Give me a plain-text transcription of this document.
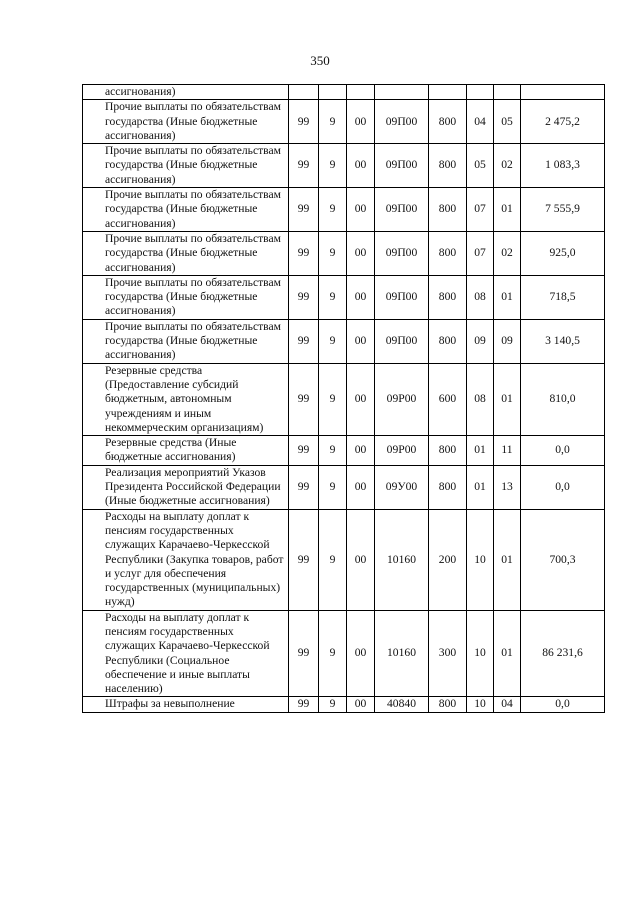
350
ассигнования)								
Прочие выплаты по обязательствам государства (Иные бюджетные ассигнования)	99	9	00	09П00	800	04	05	2 475,2
Прочие выплаты по обязательствам государства (Иные бюджетные ассигнования)	99	9	00	09П00	800	05	02	1 083,3
Прочие выплаты по обязательствам государства (Иные бюджетные ассигнования)	99	9	00	09П00	800	07	01	7 555,9
Прочие выплаты по обязательствам государства (Иные бюджетные ассигнования)	99	9	00	09П00	800	07	02	925,0
Прочие выплаты по обязательствам государства (Иные бюджетные ассигнования)	99	9	00	09П00	800	08	01	718,5
Прочие выплаты по обязательствам государства (Иные бюджетные ассигнования)	99	9	00	09П00	800	09	09	3 140,5
Резервные средства (Предоставление субсидий бюджетным, автономным учреждениям и иным некоммерческим организациям)	99	9	00	09Р00	600	08	01	810,0
Резервные средства (Иные бюджетные ассигнования)	99	9	00	09Р00	800	01	11	0,0
Реализация мероприятий Указов Президента Российской Федерации (Иные бюджетные ассигнования)	99	9	00	09У00	800	01	13	0,0
Расходы на выплату доплат к пенсиям государственных служащих Карачаево-Черкесской Республики (Закупка товаров, работ и услуг для обеспечения государственных (муниципальных) нужд)	99	9	00	10160	200	10	01	700,3
Расходы на выплату доплат к пенсиям государственных служащих Карачаево-Черкесской Республики (Социальное обеспечение и иные выплаты населению)	99	9	00	10160	300	10	01	86 231,6
Штрафы за невыполнение	99	9	00	40840	800	10	04	0,0
